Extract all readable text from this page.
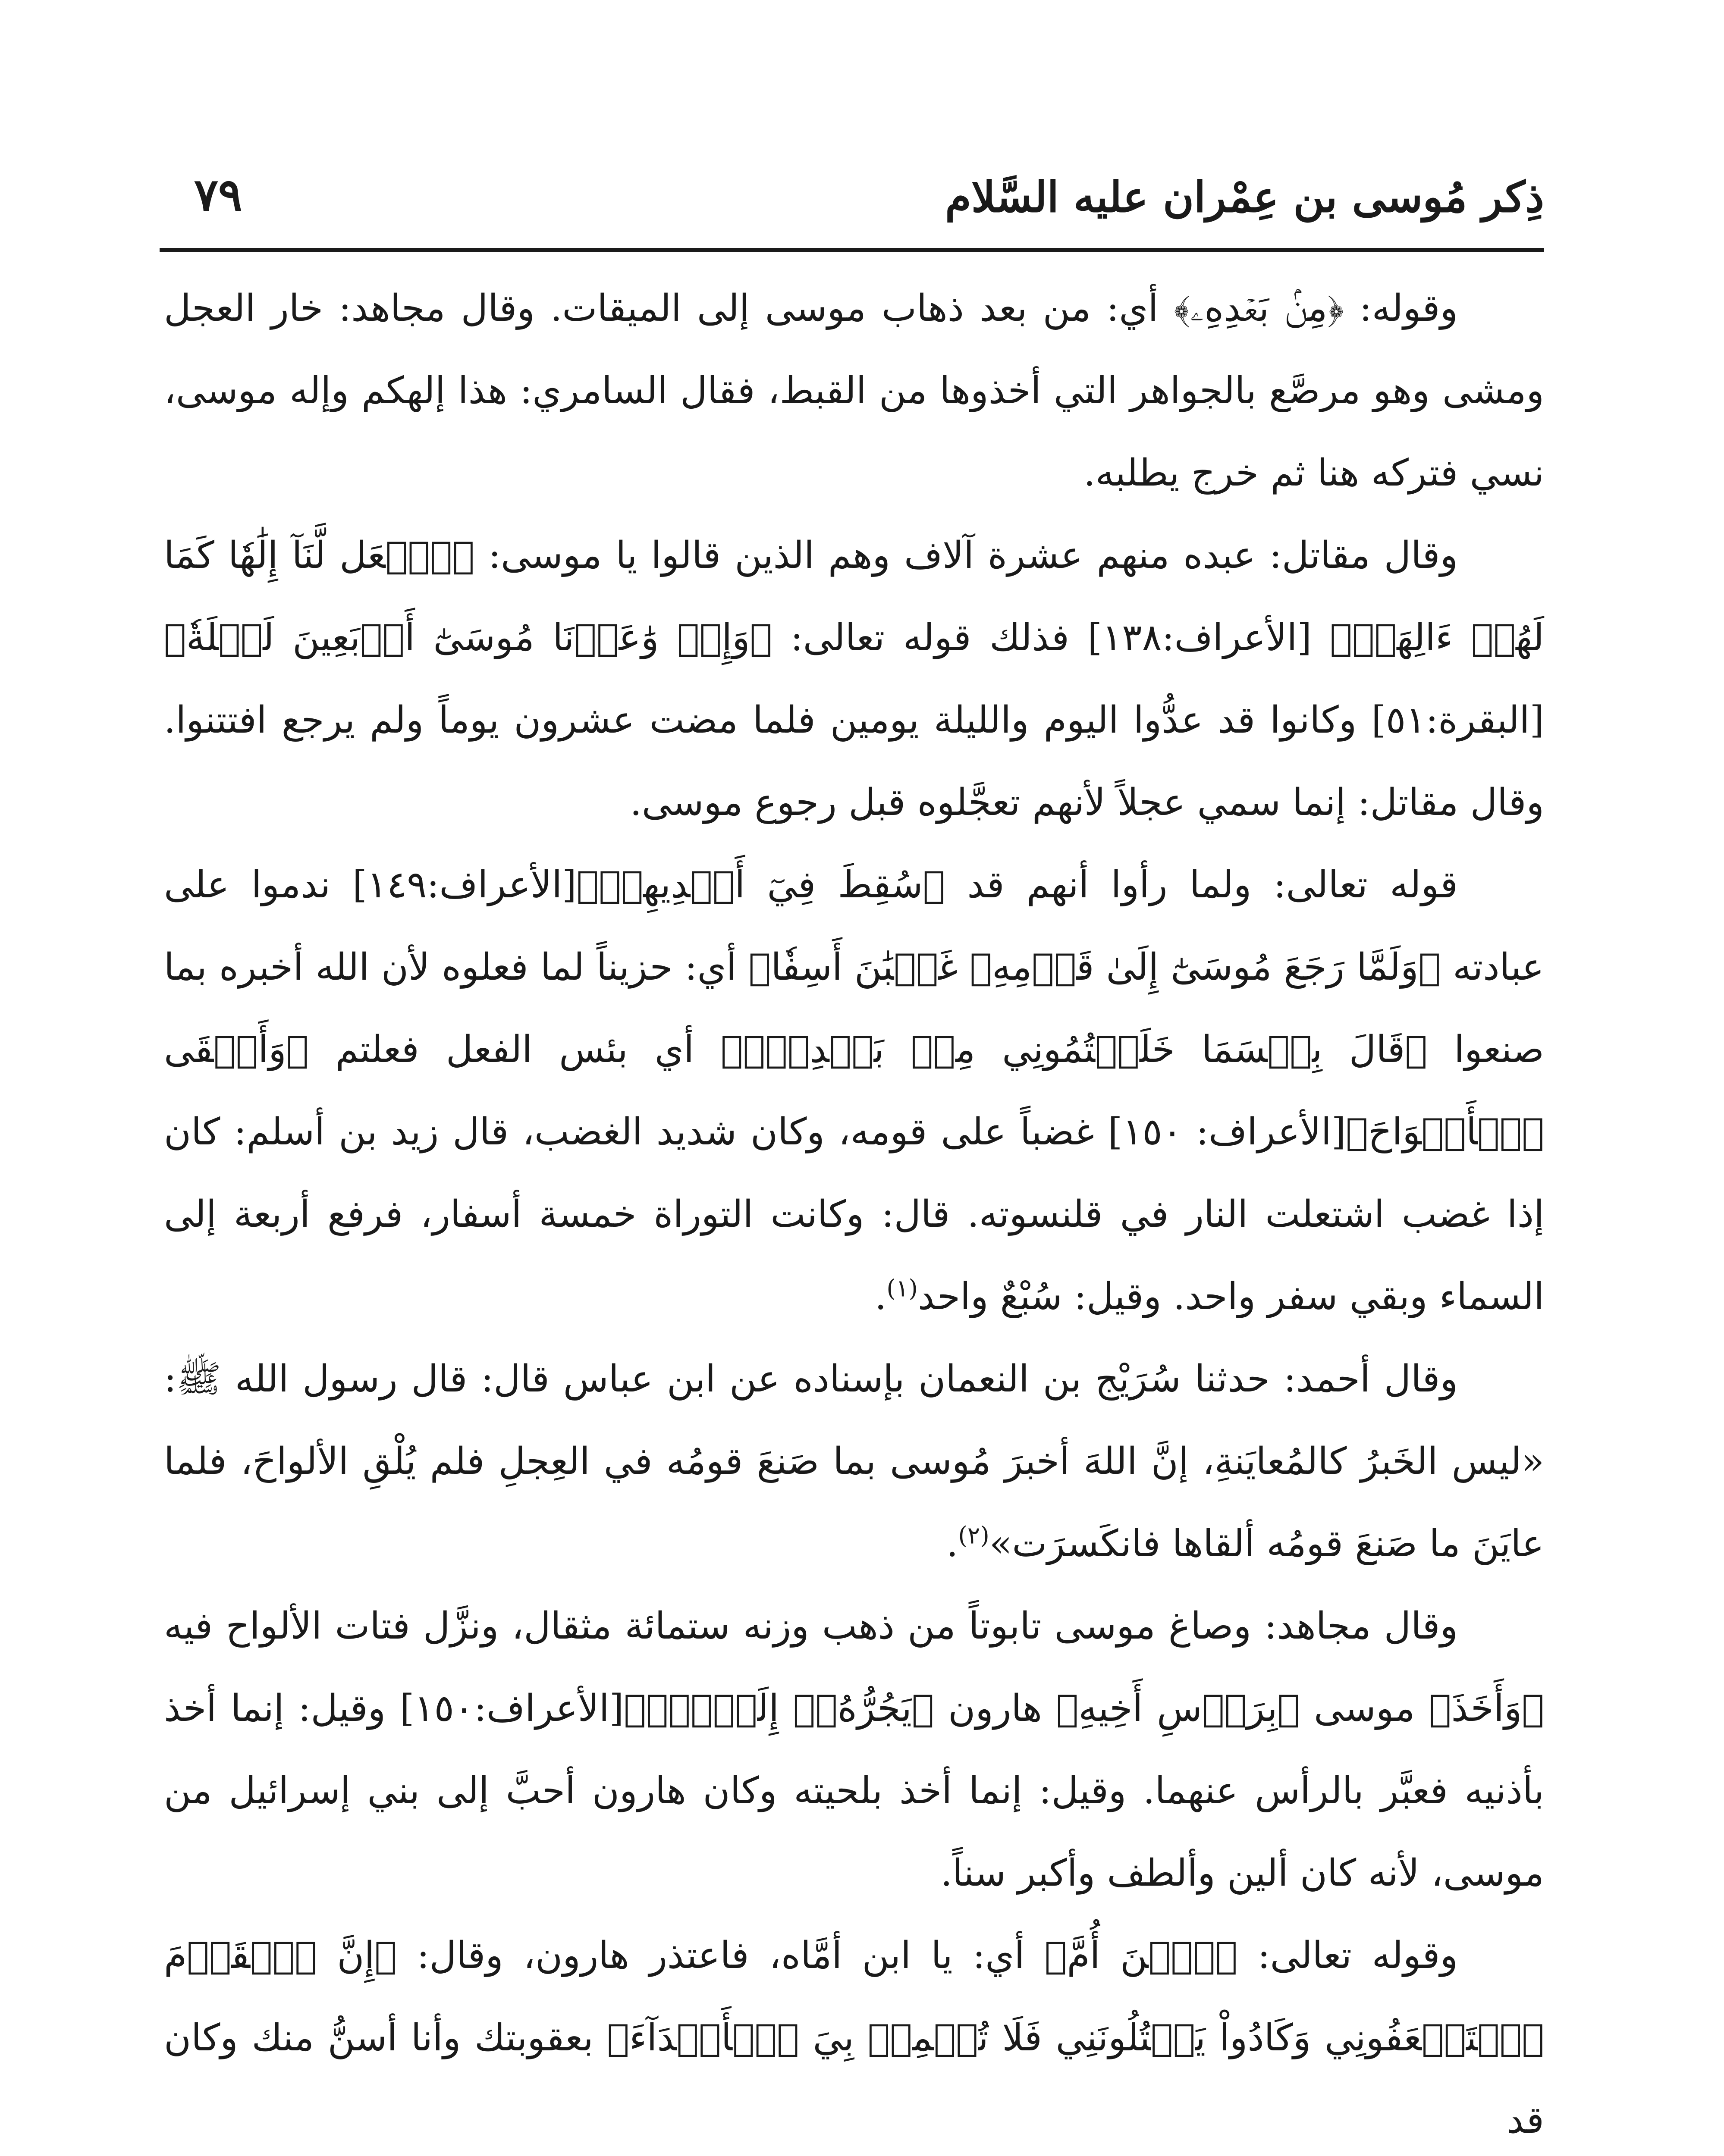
ذِكر مُوسى بن عِمْران عليه السَّلام
٧٩

وقوله: ﴿مِنۢ بَعۡدِهِۦ﴾ أي: من بعد ذهاب موسى إلى الميقات. وقال مجاهد: خار العجل ومشى وهو مرصَّع بالجواهر التي أخذوها من القبط، فقال السامري: هذا إلهكم وإله موسى، نسي فتركه هنا ثم خرج يطلبه.

وقال مقاتل: عبده منهم عشرة آلاف وهم الذين قالوا يا موسى: ﴿ٱجۡعَل لَّنَآ إِلَٰهٗا كَمَا لَهُمۡ ءَالِهَةٞ﴾ [الأعراف:١٣٨] فذلك قوله تعالى: ﴿وَإِذۡ وَٰعَدۡنَا مُوسَىٰٓ أَرۡبَعِينَ لَيۡلَةٗ﴾ [البقرة:٥١] وكانوا قد عدُّوا اليوم والليلة يومين فلما مضت عشرون يوماً ولم يرجع افتتنوا. وقال مقاتل: إنما سمي عجلاً لأنهم تعجَّلوه قبل رجوع موسى.

قوله تعالى: ولما رأوا أنهم قد ﴿سُقِطَ فِيٓ أَيۡدِيهِمۡ﴾[الأعراف:١٤٩] ندموا على عبادته ﴿وَلَمَّا رَجَعَ مُوسَىٰٓ إِلَىٰ قَوۡمِهِۦ غَضۡبَٰنَ أَسِفٗا﴾ أي: حزيناً لما فعلوه لأن الله أخبره بما صنعوا ﴿قَالَ بِئۡسَمَا خَلَفۡتُمُونِي مِنۢ بَعۡدِيٓۖ﴾ أي بئس الفعل فعلتم ﴿وَأَلۡقَى ٱلۡأَلۡوَاحَ﴾[الأعراف: ١٥٠] غضباً على قومه، وكان شديد الغضب، قال زيد بن أسلم: كان إذا غضب اشتعلت النار في قلنسوته. قال: وكانت التوراة خمسة أسفار، فرفع أربعة إلى السماء وبقي سفر واحد. وقيل: سُبْعٌ واحد$^{(١)}$.

وقال أحمد: حدثنا سُرَيْج بن النعمان بإسناده عن ابن عباس قال: قال رسول الله ﷺ: «ليس الخَبرُ كالمُعايَنةِ، إنَّ اللهَ أخبرَ مُوسى بما صَنعَ قومُه في العِجلِ فلم يُلْقِ الألواحَ، فلما عايَنَ ما صَنعَ قومُه ألقاها فانكَسرَت»$^{(٢)}$.

وقال مجاهد: وصاغ موسى تابوتاً من ذهب وزنه ستمائة مثقال، ونزَّل فتات الألواح فيه ﴿وَأَخَذَ﴾ موسى ﴿بِرَأۡسِ أَخِيهِ﴾ هارون ﴿يَجُرُّهُۥٓ إِلَيۡهِۚ﴾[الأعراف:١٥٠] وقيل: إنما أخذ بأذنيه فعبَّر بالرأس عنهما. وقيل: إنما أخذ بلحيته وكان هارون أحبَّ إلى بني إسرائيل من موسى، لأنه كان ألين وألطف وأكبر سناً.

وقوله تعالى: ﴿ٱبۡنَ أُمَّ﴾ أي: يا ابن أمَّاه، فاعتذر هارون، وقال: ﴿إِنَّ ٱلۡقَوۡمَ ٱسۡتَضۡعَفُونِي وَكَادُواْ يَقۡتُلُونَنِي فَلَا تُشۡمِتۡ بِيَ ٱلۡأَعۡدَآءَ﴾ بعقوبتك وأنا أسنُّ منك وكان قد
